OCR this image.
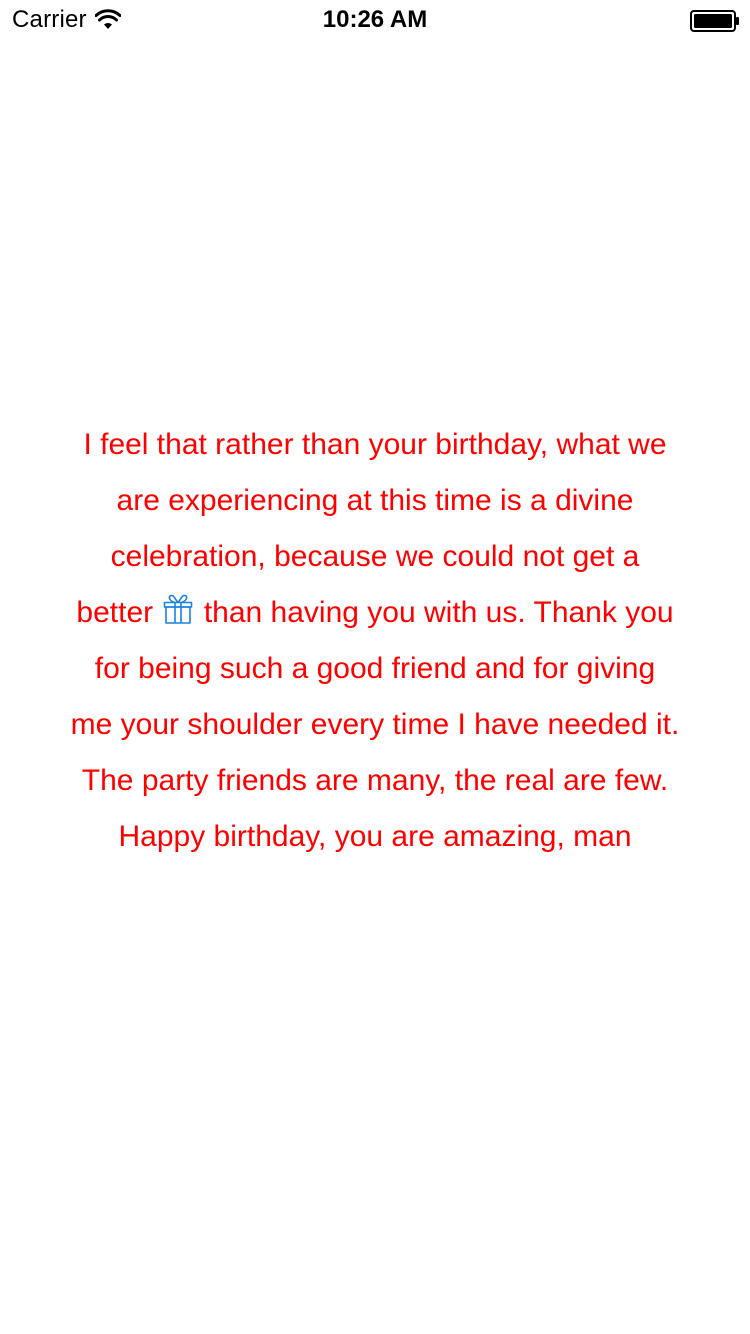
Carrier	10:26 AM
I feel that rather than your birthday, what we are experiencing at this time is a divine celebration, because we could not get a better than having you with us. Thank you for being such a good friend and for giving me your shoulder every time I have needed it. The party friends are many, the real are few. Happy birthday, you are amazing, man
